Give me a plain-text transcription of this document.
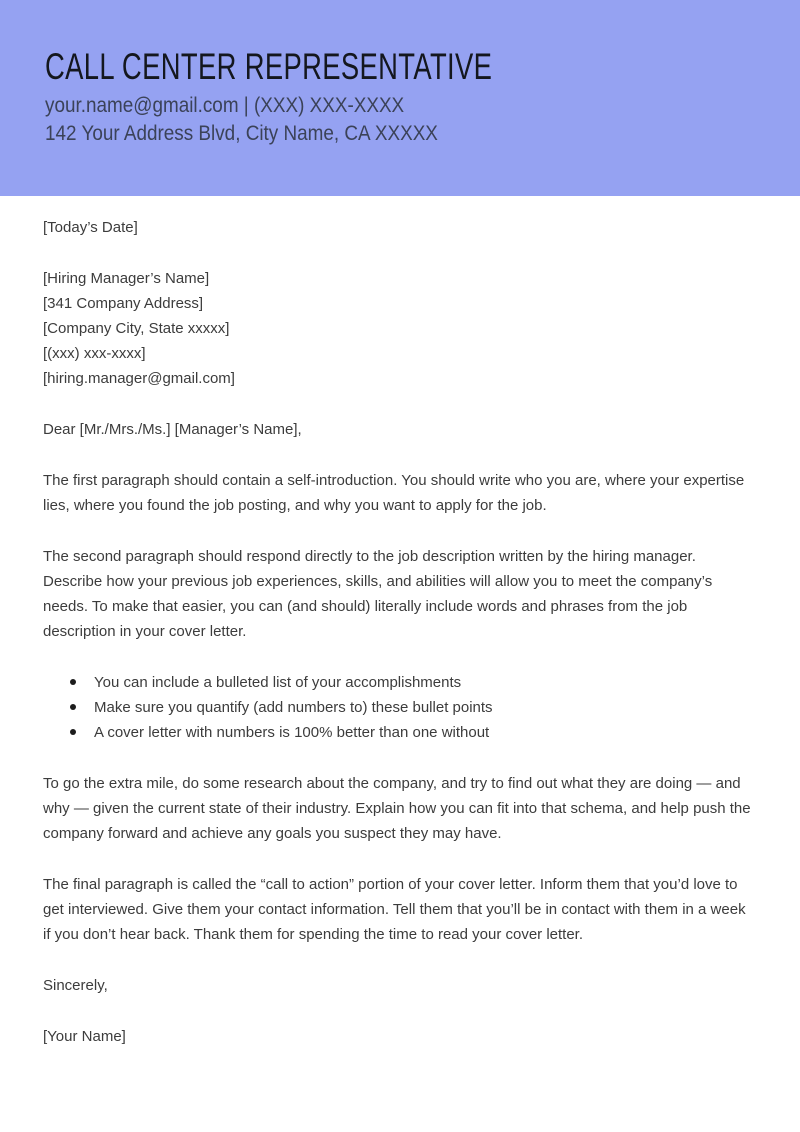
CALL CENTER REPRESENTATIVE
your.name@gmail.com | (XXX) XXX-XXXX
142 Your Address Blvd, City Name, CA XXXXX

[Today’s Date]

[Hiring Manager’s Name]
[341 Company Address]
[Company City, State xxxxx]
[(xxx) xxx-xxxx]
[hiring.manager@gmail.com]

Dear [Mr./Mrs./Ms.] [Manager’s Name],

The first paragraph should contain a self-introduction. You should write who you are, where your expertise lies, where you found the job posting, and why you want to apply for the job.

The second paragraph should respond directly to the job description written by the hiring manager. Describe how your previous job experiences, skills, and abilities will allow you to meet the company’s needs. To make that easier, you can (and should) literally include words and phrases from the job description in your cover letter.

You can include a bulleted list of your accomplishments
Make sure you quantify (add numbers to) these bullet points
A cover letter with numbers is 100% better than one without

To go the extra mile, do some research about the company, and try to find out what they are doing — and why — given the current state of their industry. Explain how you can fit into that schema, and help push the company forward and achieve any goals you suspect they may have.

The final paragraph is called the “call to action” portion of your cover letter. Inform them that you’d love to get interviewed. Give them your contact information. Tell them that you’ll be in contact with them in a week if you don’t hear back. Thank them for spending the time to read your cover letter.

Sincerely,

[Your Name]
